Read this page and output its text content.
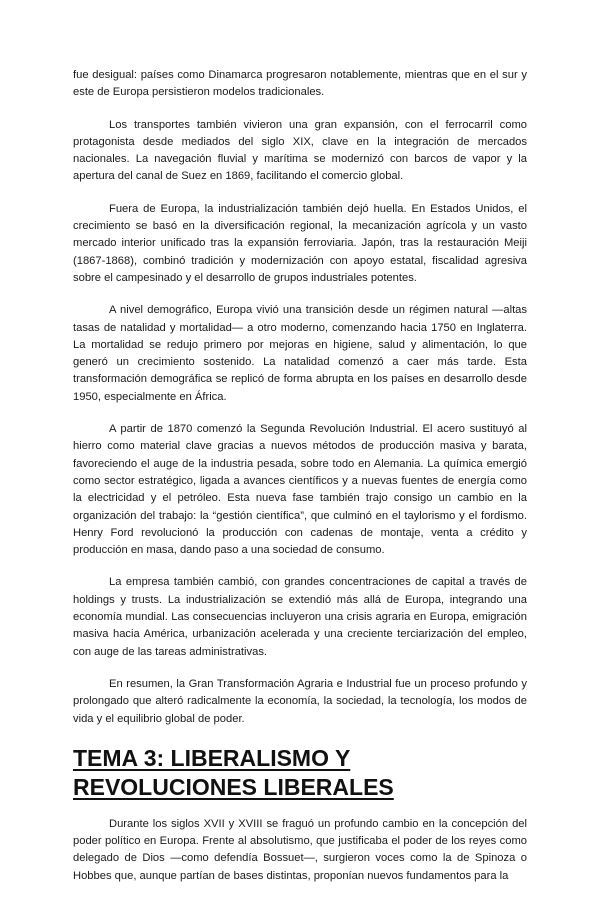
fue desigual: países como Dinamarca progresaron notablemente, mientras que en el sur y este de Europa persistieron modelos tradicionales.

Los transportes también vivieron una gran expansión, con el ferrocarril como protagonista desde mediados del siglo XIX, clave en la integración de mercados nacionales. La navegación fluvial y marítima se modernizó con barcos de vapor y la apertura del canal de Suez en 1869, facilitando el comercio global.

Fuera de Europa, la industrialización también dejó huella. En Estados Unidos, el crecimiento se basó en la diversificación regional, la mecanización agrícola y un vasto mercado interior unificado tras la expansión ferroviaria. Japón, tras la restauración Meiji (1867-1868), combinó tradición y modernización con apoyo estatal, fiscalidad agresiva sobre el campesinado y el desarrollo de grupos industriales potentes.

A nivel demográfico, Europa vivió una transición desde un régimen natural —altas tasas de natalidad y mortalidad— a otro moderno, comenzando hacia 1750 en Inglaterra. La mortalidad se redujo primero por mejoras en higiene, salud y alimentación, lo que generó un crecimiento sostenido. La natalidad comenzó a caer más tarde. Esta transformación demográfica se replicó de forma abrupta en los países en desarrollo desde 1950, especialmente en África.

A partir de 1870 comenzó la Segunda Revolución Industrial. El acero sustituyó al hierro como material clave gracias a nuevos métodos de producción masiva y barata, favoreciendo el auge de la industria pesada, sobre todo en Alemania. La química emergió como sector estratégico, ligada a avances científicos y a nuevas fuentes de energía como la electricidad y el petróleo. Esta nueva fase también trajo consigo un cambio en la organización del trabajo: la “gestión científica”, que culminó en el taylorismo y el fordismo. Henry Ford revolucionó la producción con cadenas de montaje, venta a crédito y producción en masa, dando paso a una sociedad de consumo.

La empresa también cambió, con grandes concentraciones de capital a través de holdings y trusts. La industrialización se extendió más allá de Europa, integrando una economía mundial. Las consecuencias incluyeron una crisis agraria en Europa, emigración masiva hacia América, urbanización acelerada y una creciente terciarización del empleo, con auge de las tareas administrativas.

En resumen, la Gran Transformación Agraria e Industrial fue un proceso profundo y prolongado que alteró radicalmente la economía, la sociedad, la tecnología, los modos de vida y el equilibrio global de poder.

TEMA 3: LIBERALISMO Y REVOLUCIONES LIBERALES

Durante los siglos XVII y XVIII se fraguó un profundo cambio en la concepción del poder político en Europa. Frente al absolutismo, que justificaba el poder de los reyes como delegado de Dios —como defendía Bossuet—, surgieron voces como la de Spinoza o Hobbes que, aunque partían de bases distintas, proponían nuevos fundamentos para la
